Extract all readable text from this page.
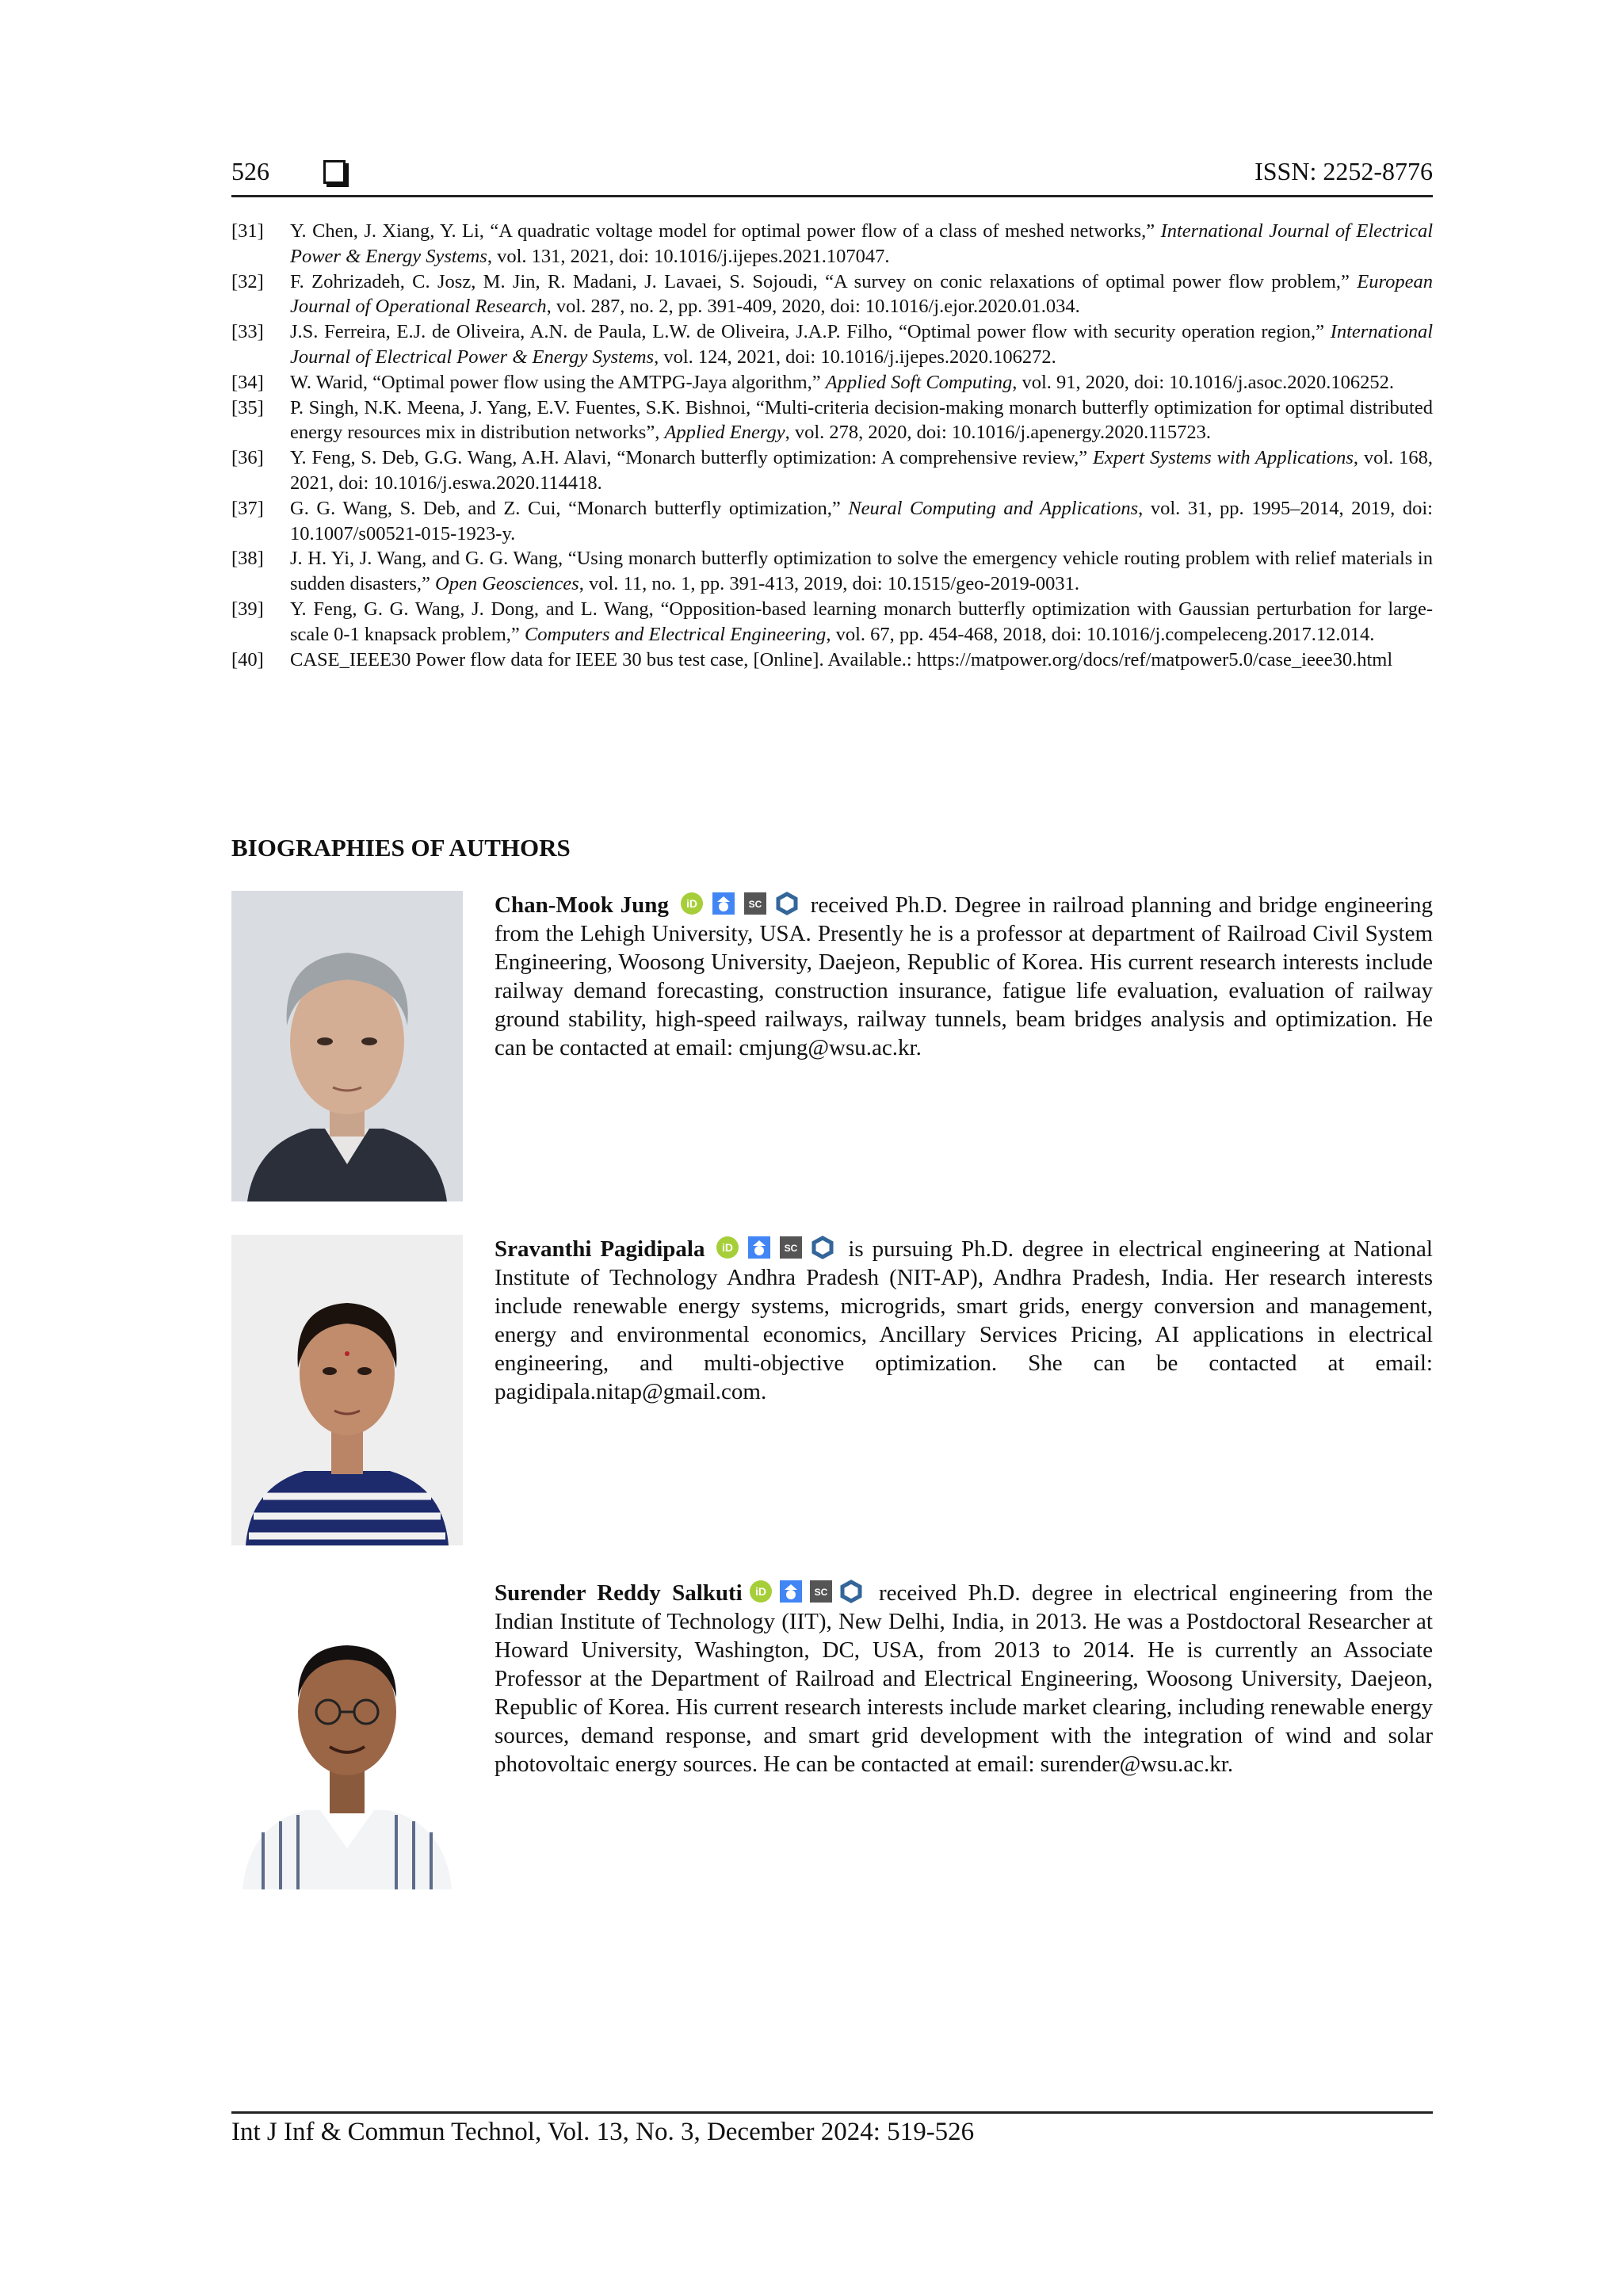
526	ISSN: 2252-8776
[31]	Y. Chen, J. Xiang, Y. Li, “A quadratic voltage model for optimal power flow of a class of meshed networks,” International Journal of Electrical Power & Energy Systems, vol. 131, 2021, doi: 10.1016/j.ijepes.2021.107047.
[32]	F. Zohrizadeh, C. Josz, M. Jin, R. Madani, J. Lavaei, S. Sojoudi, “A survey on conic relaxations of optimal power flow problem,” European Journal of Operational Research, vol. 287, no. 2, pp. 391-409, 2020, doi: 10.1016/j.ejor.2020.01.034.
[33]	J.S. Ferreira, E.J. de Oliveira, A.N. de Paula, L.W. de Oliveira, J.A.P. Filho, “Optimal power flow with security operation region,” International Journal of Electrical Power & Energy Systems, vol. 124, 2021, doi: 10.1016/j.ijepes.2020.106272.
[34]	W. Warid, “Optimal power flow using the AMTPG-Jaya algorithm,” Applied Soft Computing, vol. 91, 2020, doi: 10.1016/j.asoc.2020.106252.
[35]	P. Singh, N.K. Meena, J. Yang, E.V. Fuentes, S.K. Bishnoi, “Multi-criteria decision-making monarch butterfly optimization for optimal distributed energy resources mix in distribution networks”, Applied Energy, vol. 278, 2020, doi: 10.1016/j.apenergy.2020.115723.
[36]	Y. Feng, S. Deb, G.G. Wang, A.H. Alavi, “Monarch butterfly optimization: A comprehensive review,” Expert Systems with Applications, vol. 168, 2021, doi: 10.1016/j.eswa.2020.114418.
[37]	G. G. Wang, S. Deb, and Z. Cui, “Monarch butterfly optimization,” Neural Computing and Applications, vol. 31, pp. 1995–2014, 2019, doi: 10.1007/s00521-015-1923-y.
[38]	J. H. Yi, J. Wang, and G. G. Wang, “Using monarch butterfly optimization to solve the emergency vehicle routing problem with relief materials in sudden disasters,” Open Geosciences, vol. 11, no. 1, pp. 391-413, 2019, doi: 10.1515/geo-2019-0031.
[39]	Y. Feng, G. G. Wang, J. Dong, and L. Wang, “Opposition-based learning monarch butterfly optimization with Gaussian perturbation for large-scale 0-1 knapsack problem,” Computers and Electrical Engineering, vol. 67, pp. 454-468, 2018, doi: 10.1016/j.compeleceng.2017.12.014.
[40]	CASE_IEEE30 Power flow data for IEEE 30 bus test case, [Online]. Available.: https://matpower.org/docs/ref/matpower5.0/case_ieee30.html
BIOGRAPHIES OF AUTHORS
Chan-Mook Jung iD	SC received Ph.D. Degree in railroad planning and bridge engineering from the Lehigh University, USA. Presently he is a professor at department of Railroad Civil System Engineering, Woosong University, Daejeon, Republic of Korea. His current research interests include railway demand forecasting, construction insurance, fatigue life evaluation, evaluation of railway ground stability, high-speed railways, railway tunnels, beam bridges analysis and optimization. He can be contacted at email: cmjung@wsu.ac.kr.
Sravanthi Pagidipala iD	SC is pursuing Ph.D. degree in electrical engineering at National Institute of Technology Andhra Pradesh (NIT-AP), Andhra Pradesh, India. Her research interests include renewable energy systems, microgrids, smart grids, energy conversion and management, energy and environmental economics, Ancillary Services Pricing, AI applications in electrical engineering, and multi-objective optimization. She can be contacted at email: pagidipala.nitap@gmail.com.
Surender Reddy Salkuti iD	SC received Ph.D. degree in electrical engineering from the Indian Institute of Technology (IIT), New Delhi, India, in 2013. He was a Postdoctoral Researcher at Howard University, Washington, DC, USA, from 2013 to 2014. He is currently an Associate Professor at the Department of Railroad and Electrical Engineering, Woosong University, Daejeon, Republic of Korea. His current research interests include market clearing, including renewable energy sources, demand response, and smart grid development with the integration of wind and solar photovoltaic energy sources. He can be contacted at email: surender@wsu.ac.kr.
Int J Inf & Commun Technol, Vol. 13, No. 3, December 2024: 519-526
